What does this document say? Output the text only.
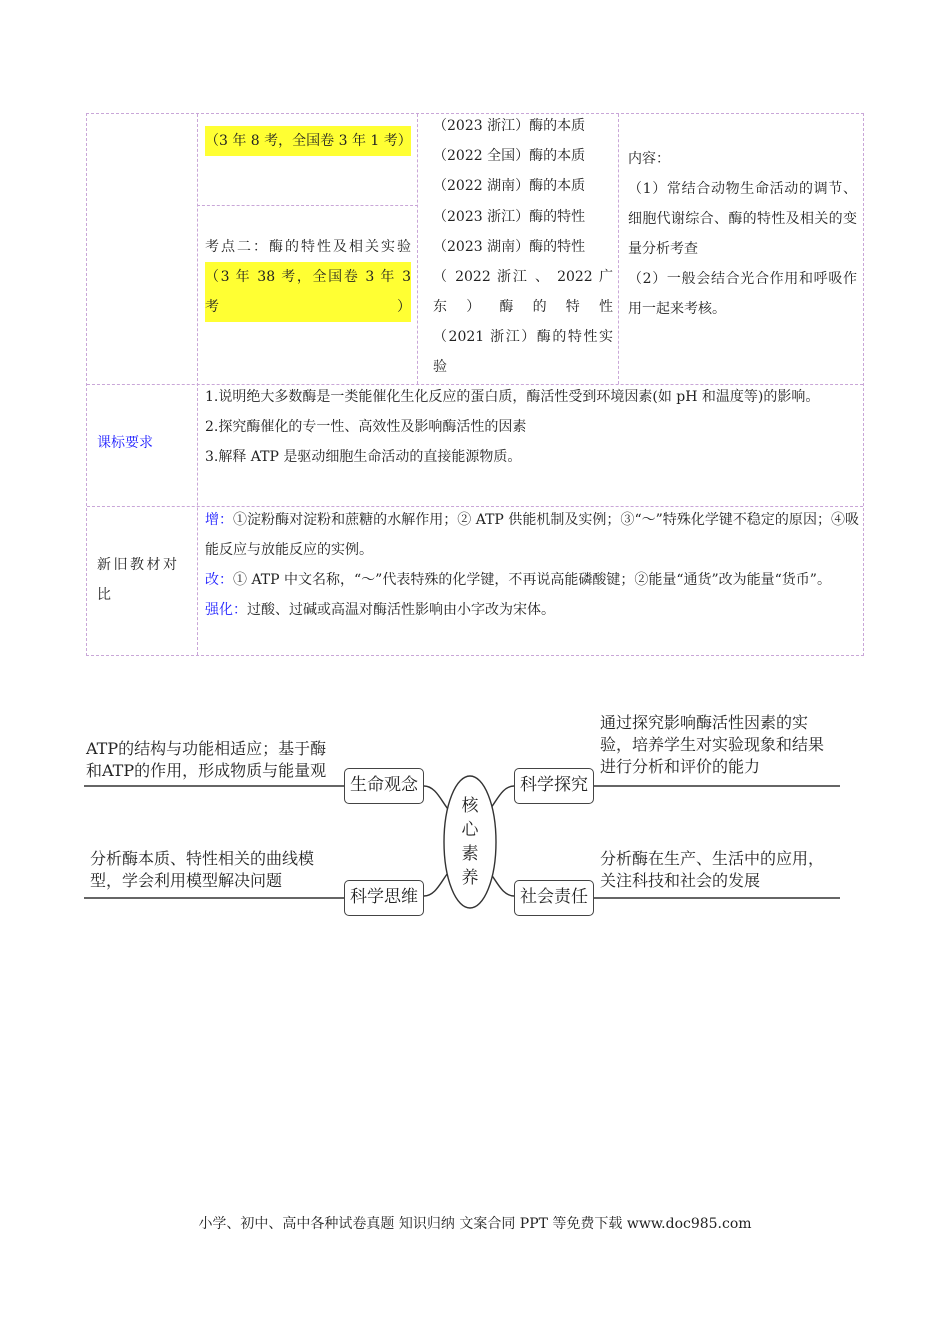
（3 年 8 考，全国卷 3 年 1 考）
（2023 浙江）酶的本质
（2022 全国）酶的本质
（2022 湖南）酶的本质
考点二：酶的特性及相关实验
（3 年 38 考，全国卷 3 年 3 考）
（2023 浙江）酶的特性
（2023 湖南）酶的特性
（ 2022 浙江 、 2022 广东）酶的特性
（2021 浙江）酶的特性实验
内容：
（1）常结合动物生命活动的调节、细胞代谢综合、酶的特性及相关的变量分析考查
（2）一般会结合光合作用和呼吸作用一起来考核。
课标要求
1.说明绝大多数酶是一类能催化生化反应的蛋白质，酶活性受到环境因素(如 pH 和温度等)的影响。
2.探究酶催化的专一性、高效性及影响酶活性的因素
3.解释 ATP 是驱动细胞生命活动的直接能源物质。
新旧教材对比
增：①淀粉酶对淀粉和蔗糖的水解作用；② ATP 供能机制及实例；③“～”特殊化学键不稳定的原因；④吸能反应与放能反应的实例。
改：① ATP 中文名称，“～”代表特殊的化学键，不再说高能磷酸键；②能量“通货”改为能量“货币”。
强化：过酸、过碱或高温对酶活性影响由小字改为宋体。
核心素养
ATP的结构与功能相适应；基于酶
和ATP的作用，形成物质与能量观
生命观念
通过探究影响酶活性因素的实
验，培养学生对实验现象和结果
进行分析和评价的能力
科学探究
分析酶本质、特性相关的曲线模
型，学会利用模型解决问题
科学思维
分析酶在生产、生活中的应用，
关注科技和社会的发展
社会责任
小学、初中、高中各种试卷真题 知识归纳 文案合同 PPT 等免费下载 www.doc985.com
